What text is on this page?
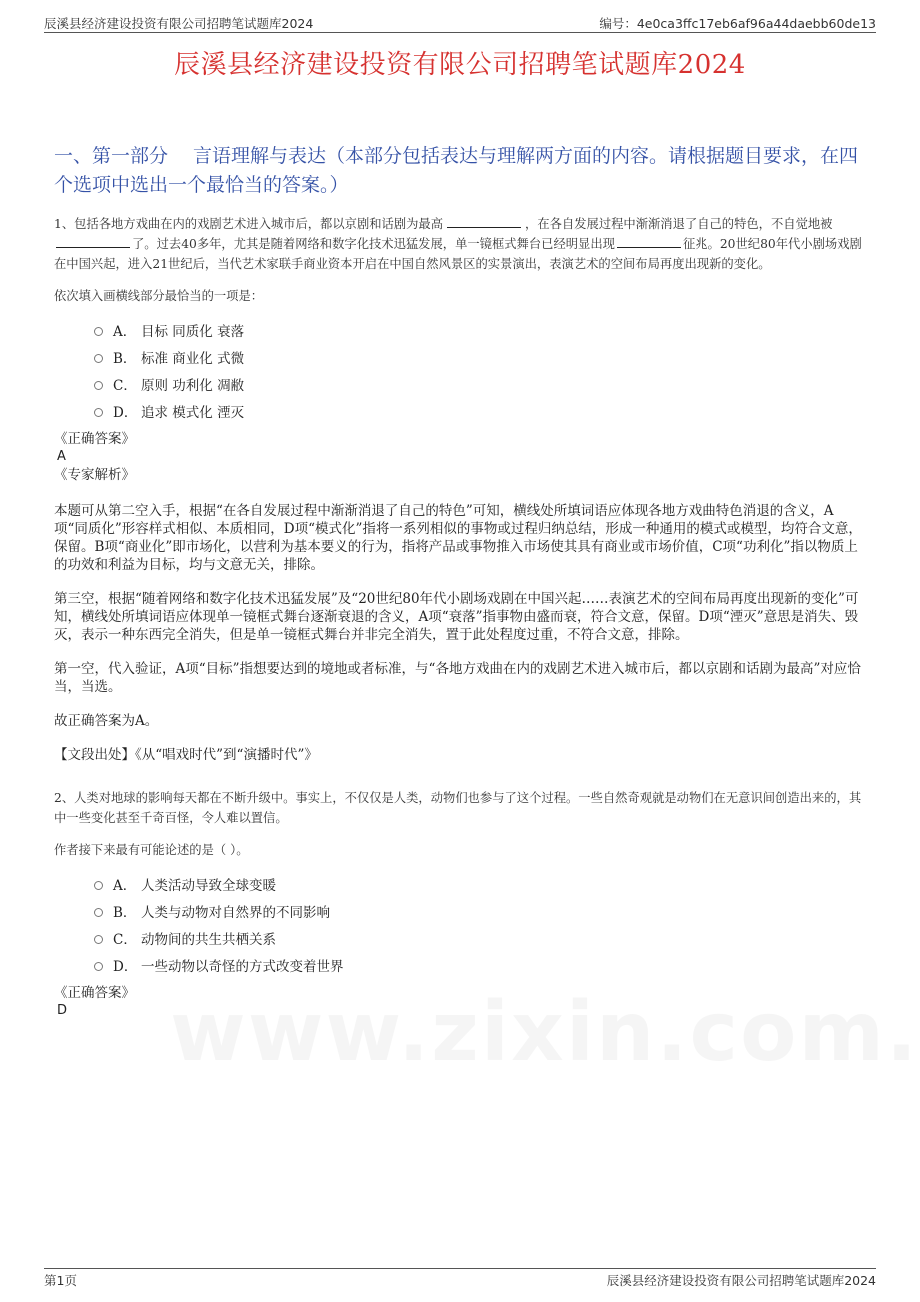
辰溪县经济建设投资有限公司招聘笔试题库2024	编号：4e0ca3ffc17eb6af96a44daebb60de13
辰溪县经济建设投资有限公司招聘笔试题库2024
一、第一部分　 言语理解与表达（本部分包括表达与理解两方面的内容。请根据题目要求，在四个选项中选出一个最恰当的答案。）
1、包括各地方戏曲在内的戏剧艺术进入城市后，都以京剧和话剧为最高	，在各自发展过程中渐渐消退了自己的特色，不自觉地被了。过去40多年，尤其是随着网络和数字化技术迅猛发展，单一镜框式舞台已经明显出现	征兆。20世纪80年代小剧场戏剧在中国兴起，进入21世纪后，当代艺术家联手商业资本开启在中国自然风景区的实景演出，表演艺术的空间布局再度出现新的变化。
依次填入画横线部分最恰当的一项是：
A． 目标 同质化 衰落
B． 标准 商业化 式微
C． 原则 功利化 凋敝
D． 追求 模式化 湮灭
《正确答案》
A
《专家解析》

本题可从第二空入手，根据“在各自发展过程中渐渐消退了自己的特色”可知，横线处所填词语应体现各地方戏曲特色消退的含义，A项“同质化”形容样式相似、本质相同，D项“模式化”指将一系列相似的事物或过程归纳总结，形成一种通用的模式或模型，均符合文意，保留。B项“商业化”即市场化，以营利为基本要义的行为，指将产品或事物推入市场使其具有商业或市场价值，C项“功利化”指以物质上的功效和利益为目标，均与文意无关，排除。

第三空，根据“随着网络和数字化技术迅猛发展”及“20世纪80年代小剧场戏剧在中国兴起……表演艺术的空间布局再度出现新的变化”可知，横线处所填词语应体现单一镜框式舞台逐渐衰退的含义，A项“衰落”指事物由盛而衰，符合文意，保留。D项“湮灭”意思是消失、毁灭，表示一种东西完全消失，但是单一镜框式舞台并非完全消失，置于此处程度过重，不符合文意，排除。

第一空，代入验证，A项“目标”指想要达到的境地或者标准，与“各地方戏曲在内的戏剧艺术进入城市后，都以京剧和话剧为最高”对应恰当，当选。

故正确答案为A。

【文段出处】《从“唱戏时代”到“演播时代”》

2、人类对地球的影响每天都在不断升级中。事实上，不仅仅是人类，动物们也参与了这个过程。一些自然奇观就是动物们在无意识间创造出来的，其中一些变化甚至千奇百怪，令人难以置信。
作者接下来最有可能论述的是（ ）。
A． 人类活动导致全球变暖
B． 人类与动物对自然界的不同影响
C． 动物间的共生共栖关系
D． 一些动物以奇怪的方式改变着世界
《正确答案》
D
第1页	辰溪县经济建设投资有限公司招聘笔试题库2024
